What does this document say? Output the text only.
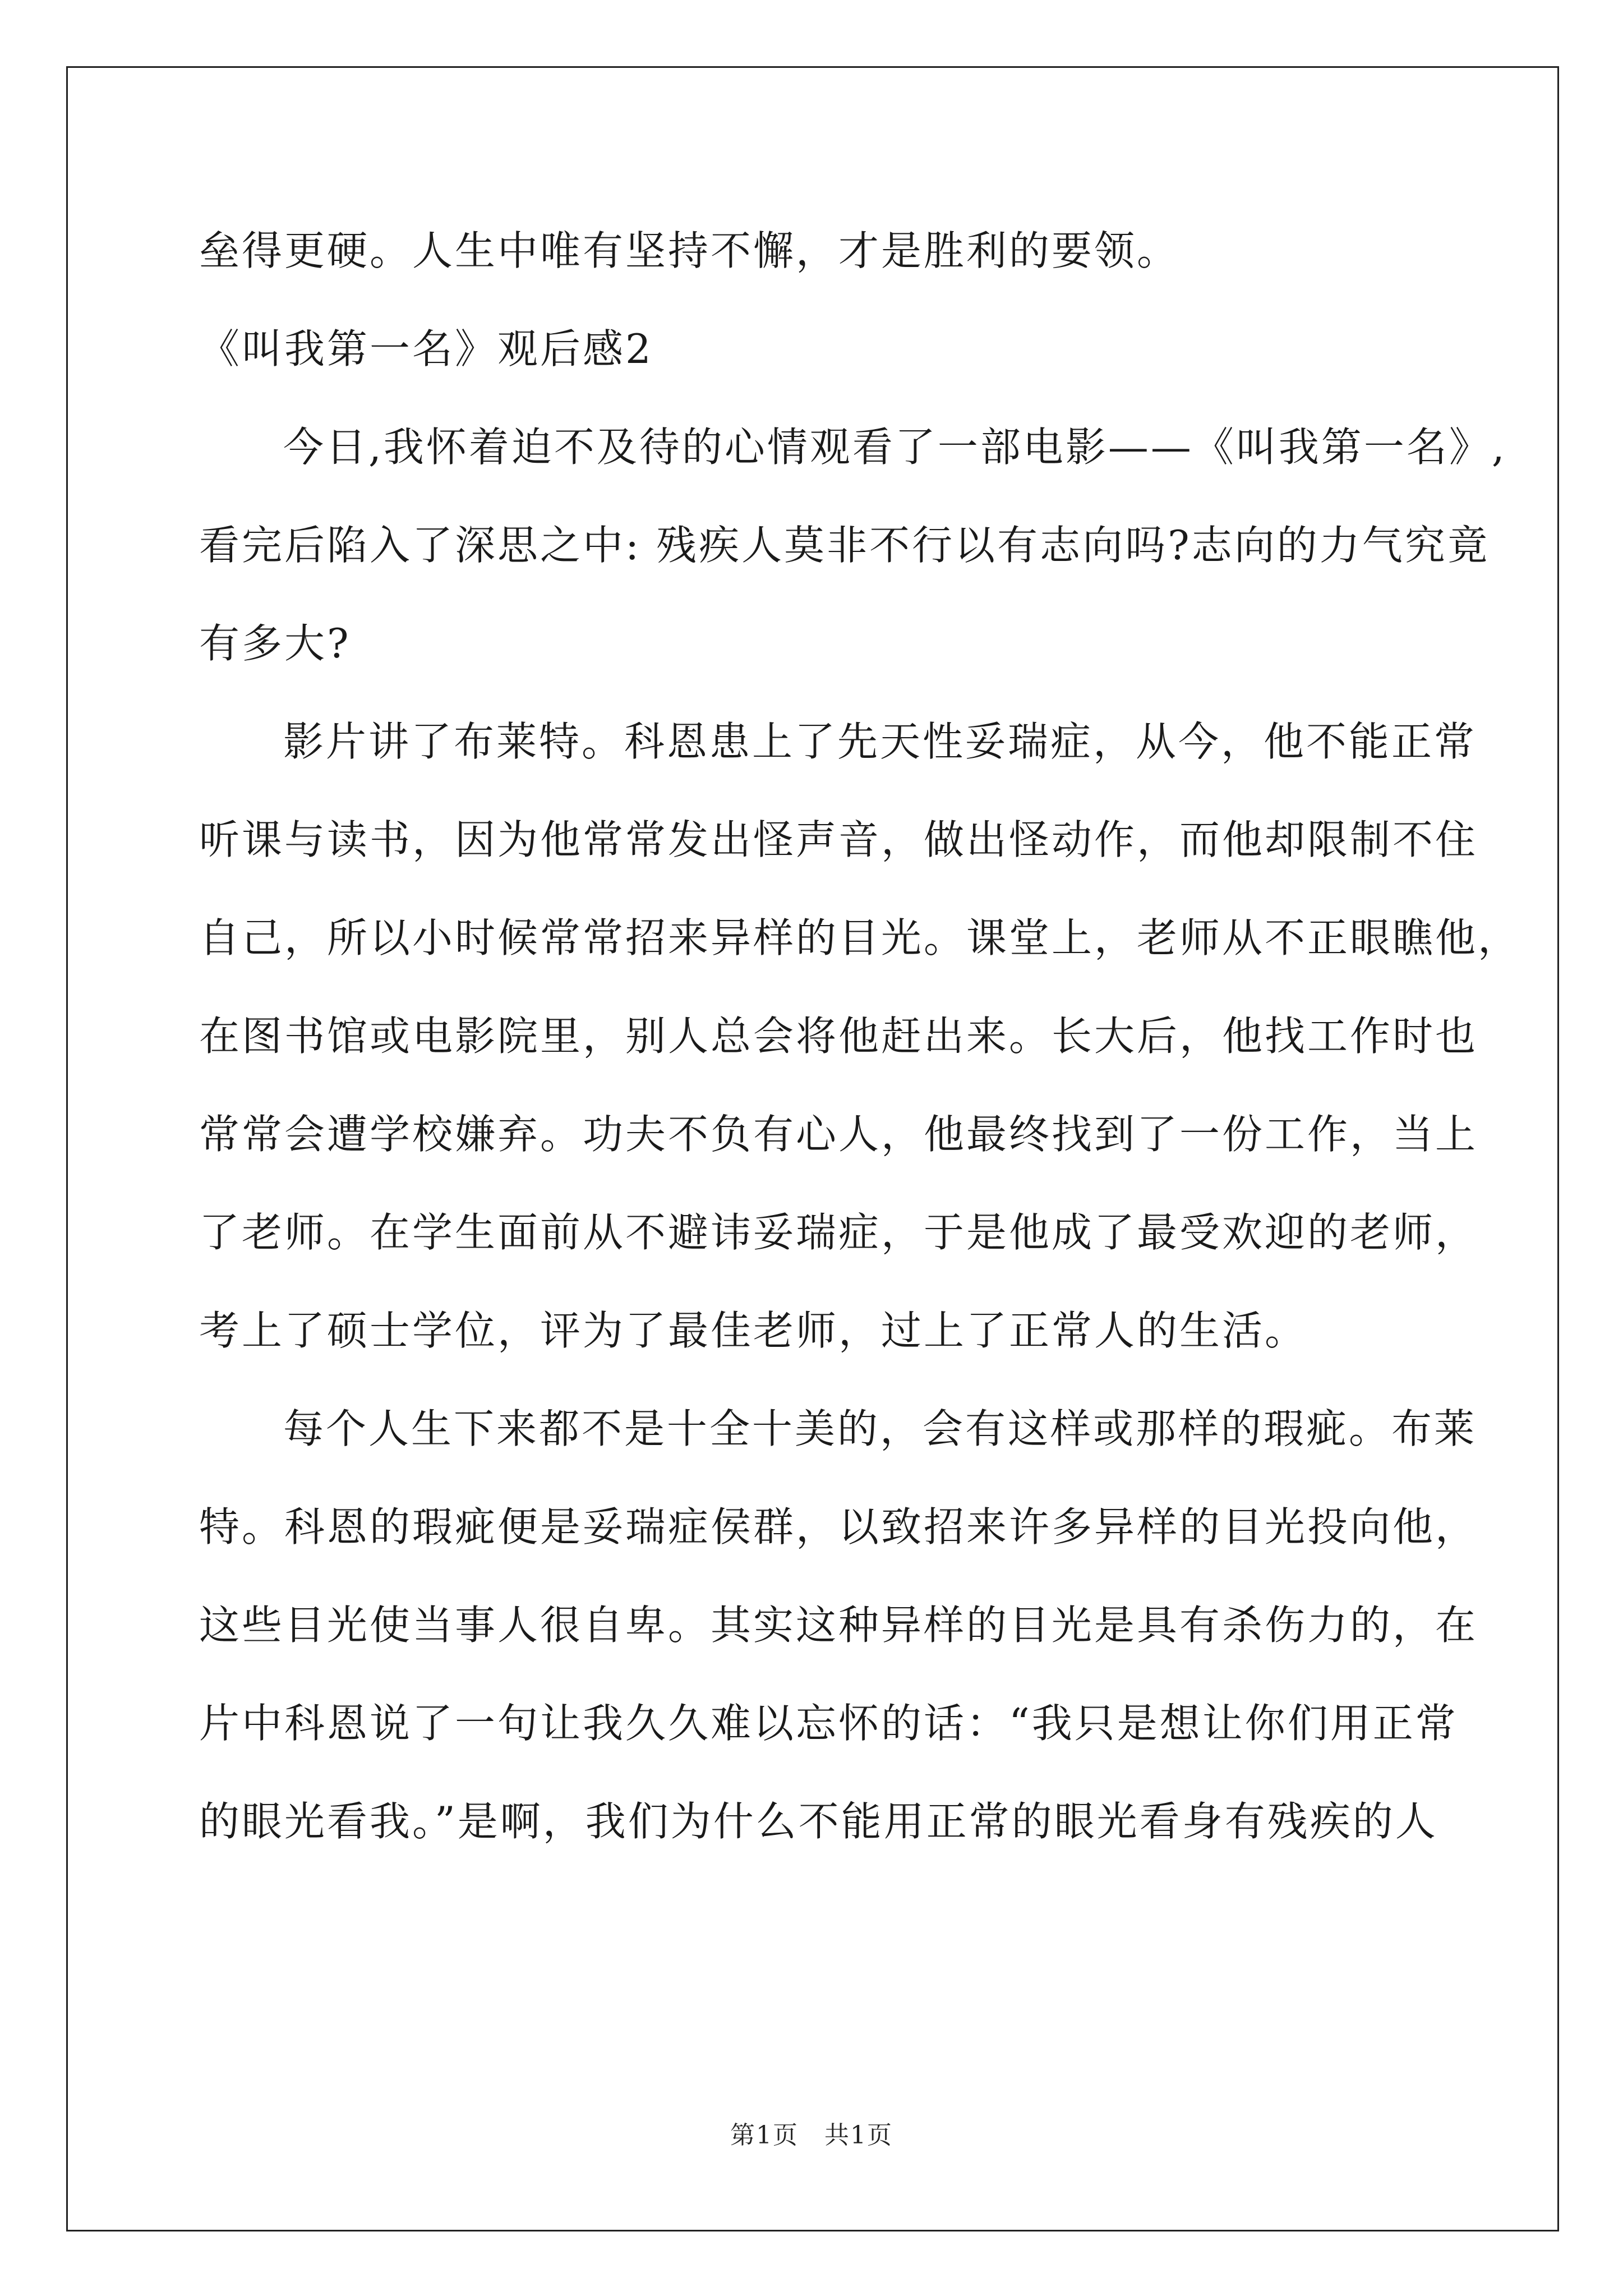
垒得更硬。人生中唯有坚持不懈，才是胜利的要领。
《叫我第一名》观后感2
今日,我怀着迫不及待的心情观看了一部电影——《叫我第一名》,
看完后陷入了深思之中: 残疾人莫非不行以有志向吗?志向的力气究竟
有多大?
影片讲了布莱特。科恩患上了先天性妥瑞症，从今，他不能正常
听课与读书，因为他常常发出怪声音，做出怪动作，而他却限制不住
自己，所以小时候常常招来异样的目光。课堂上，老师从不正眼瞧他，
在图书馆或电影院里，别人总会将他赶出来。长大后，他找工作时也
常常会遭学校嫌弃。功夫不负有心人，他最终找到了一份工作，当上
了老师。在学生面前从不避讳妥瑞症，于是他成了最受欢迎的老师，
考上了硕士学位，评为了最佳老师，过上了正常人的生活。
每个人生下来都不是十全十美的，会有这样或那样的瑕疵。布莱
特。科恩的瑕疵便是妥瑞症侯群，以致招来许多异样的目光投向他，
这些目光使当事人很自卑。其实这种异样的目光是具有杀伤力的，在
片中科恩说了一句让我久久难以忘怀的话：“我只是想让你们用正常
的眼光看我。”是啊，我们为什么不能用正常的眼光看身有残疾的人
第1页　共1页
